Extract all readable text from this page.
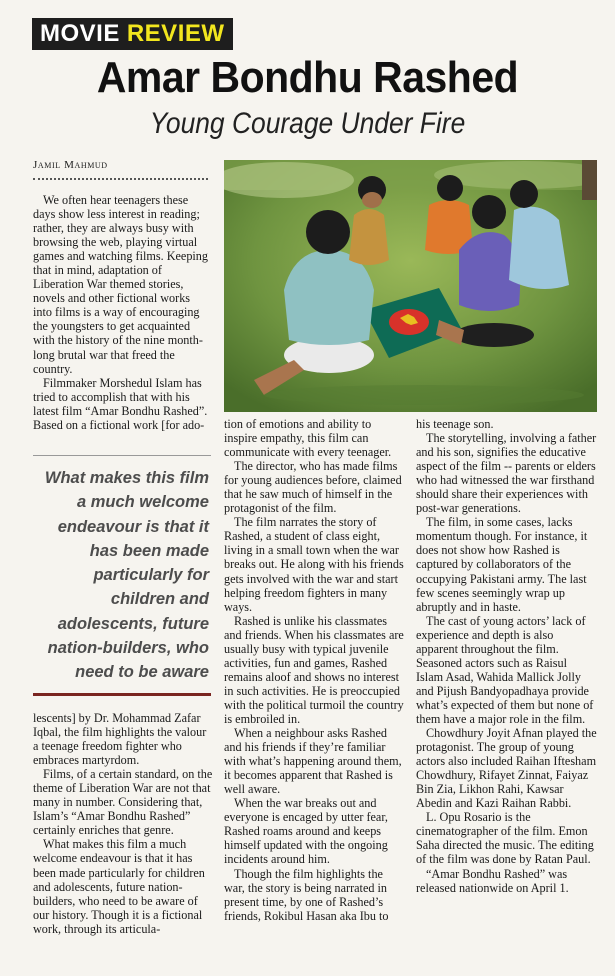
MOVIE REVIEW
Amar Bondhu Rashed
Young Courage Under Fire
Jamil Mahmud

We often hear teenagers these days show less interest in reading; rather, they are always busy with browsing the web, playing virtual games and watching films. Keeping that in mind, adaptation of Liberation War themed stories, novels and other fictional works into films is a way of encouraging the youngsters to get acquainted with the history of the nine month-long brutal war that freed the country.

Filmmaker Morshedul Islam has tried to accomplish that with his latest film “Amar Bondhu Rashed”. Based on a fictional work [for ado-

What makes this film a much welcome endeavour is that it has been made particularly for children and adolescents, future nation-builders, who need to be aware

lescents] by Dr. Mohammad Zafar Iqbal, the film highlights the valour a teenage freedom fighter who embraces martyrdom.

Films, of a certain standard, on the theme of Liberation War are not that many in number. Considering that, Islam’s “Amar Bondhu Rashed” certainly enriches that genre.

What makes this film a much welcome endeavour is that it has been made particularly for children and adolescents, future nation-builders, who need to be aware of our history. Though it is a fictional work, through its articula-

tion of emotions and ability to inspire empathy, this film can communicate with every teenager.

The director, who has made films for young audiences before, claimed that he saw much of himself in the protagonist of the film.

The film narrates the story of Rashed, a student of class eight, living in a small town when the war breaks out. He along with his friends gets involved with the war and start helping freedom fighters in many ways.

Rashed is unlike his classmates and friends. When his classmates are usually busy with typical juvenile activities, fun and games, Rashed remains aloof and shows no interest in such activities. He is preoccupied with the political turmoil the country is embroiled in.

When a neighbour asks Rashed and his friends if they’re familiar with what’s happening around them, it becomes apparent that Rashed is well aware.

When the war breaks out and everyone is encaged by utter fear, Rashed roams around and keeps himself updated with the ongoing incidents around him.

Though the film highlights the war, the story is being narrated in present time, by one of Rashed’s friends, Rokibul Hasan aka Ibu to

his teenage son.

The storytelling, involving a father and his son, signifies the educative aspect of the film -- parents or elders who had witnessed the war firsthand should share their experiences with post-war generations.

The film, in some cases, lacks momentum though. For instance, it does not show how Rashed is captured by collaborators of the occupying Pakistani army. The last few scenes seemingly wrap up abruptly and in haste.

The cast of young actors’ lack of experience and depth is also apparent throughout the film. Seasoned actors such as Raisul Islam Asad, Wahida Mallick Jolly and Pijush Bandyopadhaya provide what’s expected of them but none of them have a major role in the film.

Chowdhury Joyit Afnan played the protagonist. The group of young actors also included Raihan Iftesham Chowdhury, Rifayet Zinnat, Faiyaz Bin Zia, Likhon Rahi, Kawsar Abedin and Kazi Raihan Rabbi.

L. Opu Rosario is the cinematographer of the film. Emon Saha directed the music. The editing of the film was done by Ratan Paul.

“Amar Bondhu Rashed” was released nationwide on April 1.
